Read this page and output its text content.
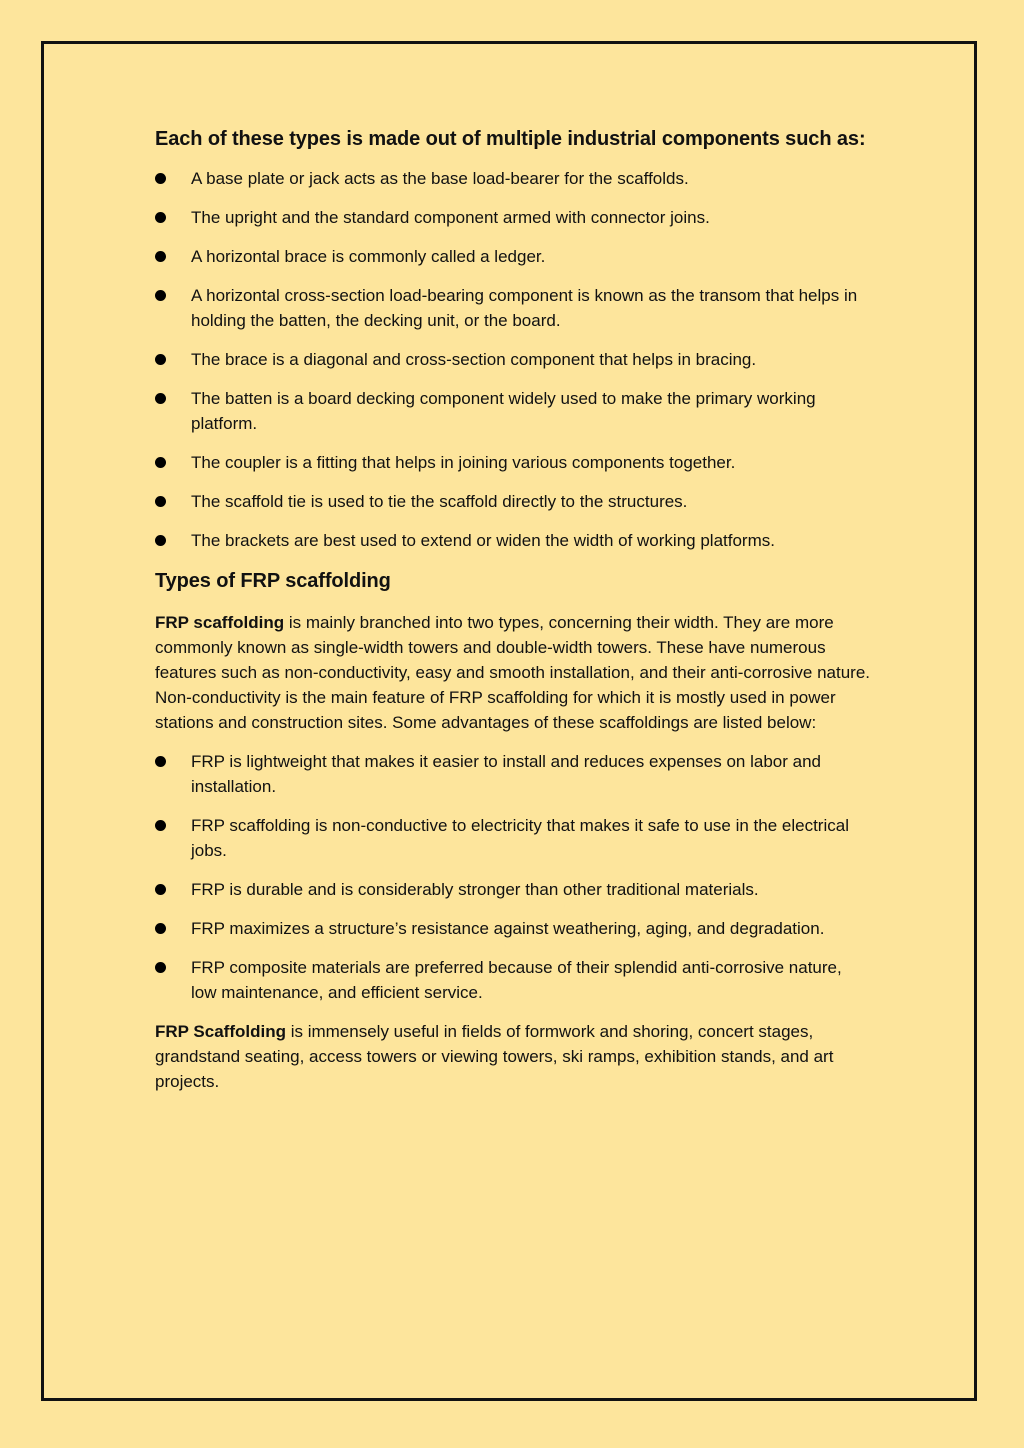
Each of these types is made out of multiple industrial components such as:
A base plate or jack acts as the base load-bearer for the scaffolds.
The upright and the standard component armed with connector joins.
A horizontal brace is commonly called a ledger.
A horizontal cross-section load-bearing component is known as the transom that helps in holding the batten, the decking unit, or the board.
The brace is a diagonal and cross-section component that helps in bracing.
The batten is a board decking component widely used to make the primary working platform.
The coupler is a fitting that helps in joining various components together.
The scaffold tie is used to tie the scaffold directly to the structures.
The brackets are best used to extend or widen the width of working platforms.
Types of FRP scaffolding

FRP scaffolding is mainly branched into two types, concerning their width. They are more commonly known as single-width towers and double-width towers. These have numerous features such as non-conductivity, easy and smooth installation, and their anti-corrosive nature. Non-conductivity is the main feature of FRP scaffolding for which it is mostly used in power stations and construction sites. Some advantages of these scaffoldings are listed below:

FRP is lightweight that makes it easier to install and reduces expenses on labor and installation.
FRP scaffolding is non-conductive to electricity that makes it safe to use in the electrical jobs.
FRP is durable and is considerably stronger than other traditional materials.
FRP maximizes a structure’s resistance against weathering, aging, and degradation.
FRP composite materials are preferred because of their splendid anti-corrosive nature, low maintenance, and efficient service.

FRP Scaffolding is immensely useful in fields of formwork and shoring, concert stages, grandstand seating, access towers or viewing towers, ski ramps, exhibition stands, and art projects.
